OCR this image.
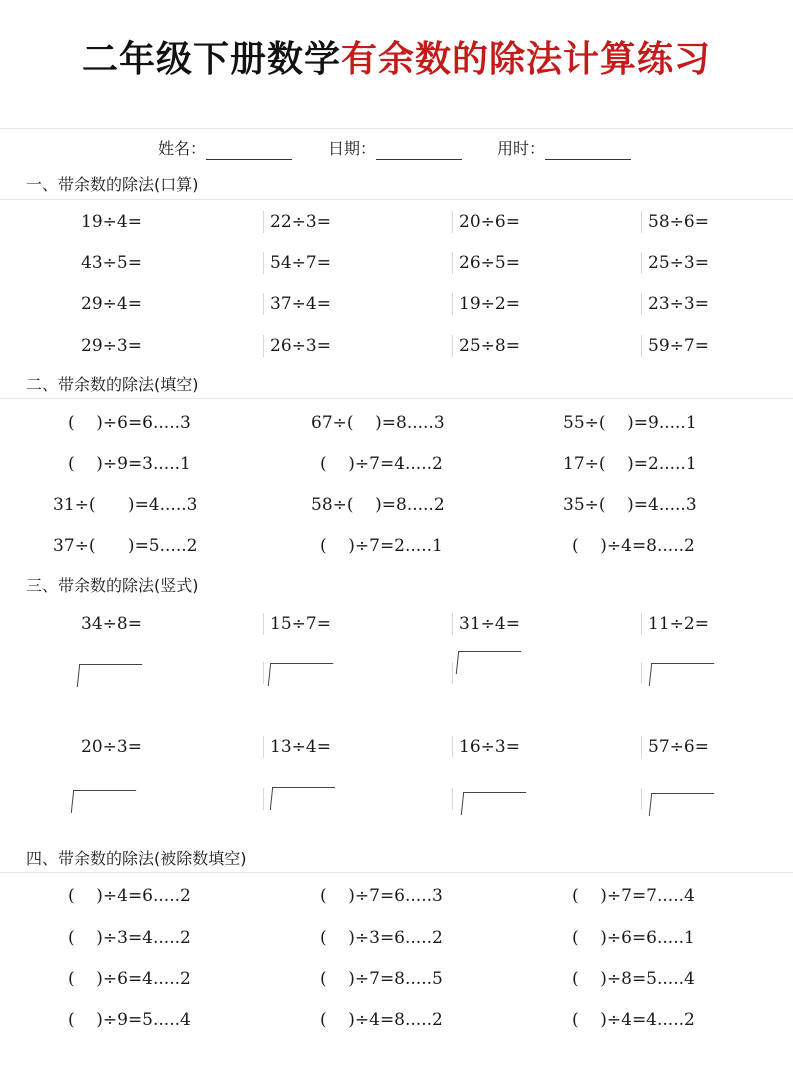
二年级下册数学有余数的除法计算练习
姓名：	日期：	用时：
一、带余数的除法(口算)
二、带余数的除法(填空)
三、带余数的除法(竖式)
四、带余数的除法(被除数填空)
19÷4=	22÷3=	20÷6=	58÷6=
43÷5=	54÷7=	26÷5=	25÷3=
29÷4=	37÷4=	19÷2=	23÷3=
29÷3=	26÷3=	25÷8=	59÷7=
(    )÷6=6.....3	67÷(    )=8.....3	55÷(    )=9.....1
(    )÷9=3.....1	(    )÷7=4.....2	17÷(    )=2.....1
31÷(      )=4.....3	58÷(    )=8.....2	35÷(    )=4.....3
37÷(      )=5.....2	(    )÷7=2.....1	(    )÷4=8.....2
34÷8=	15÷7=	31÷4=	11÷2=
20÷3=	13÷4=	16÷3=	57÷6=
(    )÷4=6.....2	(    )÷7=6.....3	(    )÷7=7.....4
(    )÷3=4.....2	(    )÷3=6.....2	(    )÷6=6.....1
(    )÷6=4.....2	(    )÷7=8.....5	(    )÷8=5.....4
(    )÷9=5.....4	(    )÷4=8.....2	(    )÷4=4.....2
